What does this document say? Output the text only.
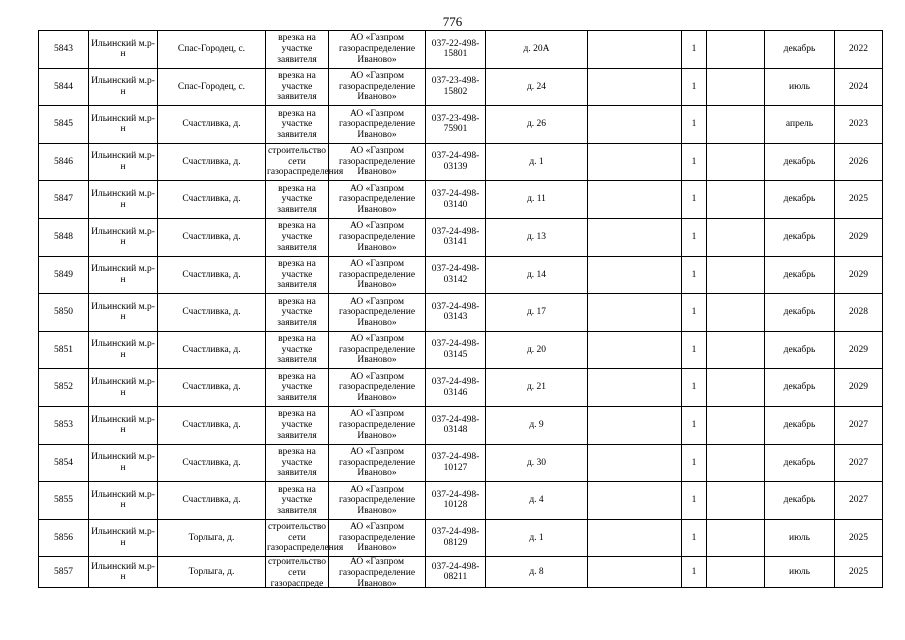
776
5843	Ильинский м.р-н	Спас-Городец, с.	врезка на участке заявителя	АО «Газпром газораспределение Иваново»	037-22-498-15801	д. 20А		1		декабрь	2022

5844	Ильинский м.р-н	Спас-Городец, с.	врезка на участке заявителя	АО «Газпром газораспределение Иваново»	037-23-498-15802	д. 24		1		июль	2024

5845	Ильинский м.р-н	Счастливка, д.	врезка на участке заявителя	АО «Газпром газораспределение Иваново»	037-23-498-75901	д. 26		1		апрель	2023

5846	Ильинский м.р-н	Счастливка, д.	строительство сети газораспределения	АО «Газпром газораспределение Иваново»	037-24-498-03139	д. 1		1		декабрь	2026

5847	Ильинский м.р-н	Счастливка, д.	врезка на участке заявителя	АО «Газпром газораспределение Иваново»	037-24-498-03140	д. 11		1		декабрь	2025

5848	Ильинский м.р-н	Счастливка, д.	врезка на участке заявителя	АО «Газпром газораспределение Иваново»	037-24-498-03141	д. 13		1		декабрь	2029

5849	Ильинский м.р-н	Счастливка, д.	врезка на участке заявителя	АО «Газпром газораспределение Иваново»	037-24-498-03142	д. 14		1		декабрь	2029

5850	Ильинский м.р-н	Счастливка, д.	врезка на участке заявителя	АО «Газпром газораспределение Иваново»	037-24-498-03143	д. 17		1		декабрь	2028

5851	Ильинский м.р-н	Счастливка, д.	врезка на участке заявителя	АО «Газпром газораспределение Иваново»	037-24-498-03145	д. 20		1		декабрь	2029

5852	Ильинский м.р-н	Счастливка, д.	врезка на участке заявителя	АО «Газпром газораспределение Иваново»	037-24-498-03146	д. 21		1		декабрь	2029

5853	Ильинский м.р-н	Счастливка, д.	врезка на участке заявителя	АО «Газпром газораспределение Иваново»	037-24-498-03148	д. 9		1		декабрь	2027

5854	Ильинский м.р-н	Счастливка, д.	врезка на участке заявителя	АО «Газпром газораспределение Иваново»	037-24-498-10127	д. 30		1		декабрь	2027

5855	Ильинский м.р-н	Счастливка, д.	врезка на участке заявителя	АО «Газпром газораспределение Иваново»	037-24-498-10128	д. 4		1		декабрь	2027

5856	Ильинский м.р-н	Торлыга, д.	строительство сети газораспределения	АО «Газпром газораспределение Иваново»	037-24-498-08129	д. 1		1		июль	2025

5857	Ильинский м.р-н	Торлыга, д.	строительство сети газораспреде	АО «Газпром газораспределение Иваново»	037-24-498-08211	д. 8		1		июль	2025
